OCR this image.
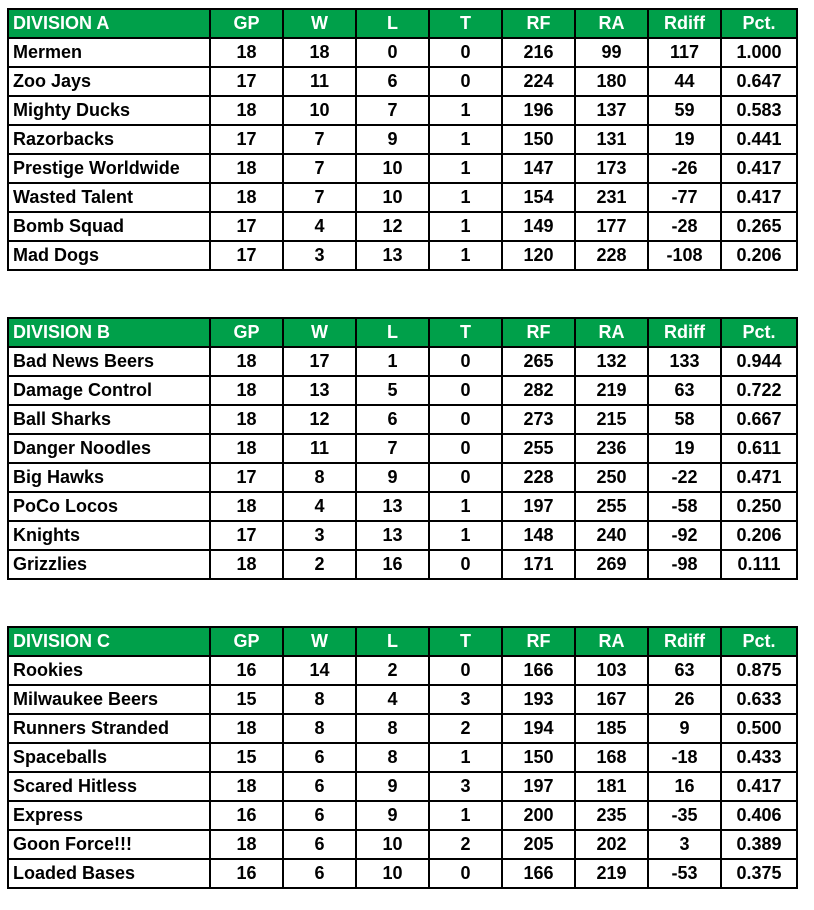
DIVISION A	GP	W	L	T	RF	RA	Rdiff	Pct.
Mermen	18	18	0	0	216	99	117	1.000
Zoo Jays	17	11	6	0	224	180	44	0.647
Mighty Ducks	18	10	7	1	196	137	59	0.583
Razorbacks	17	7	9	1	150	131	19	0.441
Prestige Worldwide	18	7	10	1	147	173	-26	0.417
Wasted Talent	18	7	10	1	154	231	-77	0.417
Bomb Squad	17	4	12	1	149	177	-28	0.265
Mad Dogs	17	3	13	1	120	228	-108	0.206
DIVISION B	GP	W	L	T	RF	RA	Rdiff	Pct.
Bad News Beers	18	17	1	0	265	132	133	0.944
Damage Control	18	13	5	0	282	219	63	0.722
Ball Sharks	18	12	6	0	273	215	58	0.667
Danger Noodles	18	11	7	0	255	236	19	0.611
Big Hawks	17	8	9	0	228	250	-22	0.471
PoCo Locos	18	4	13	1	197	255	-58	0.250
Knights	17	3	13	1	148	240	-92	0.206
Grizzlies	18	2	16	0	171	269	-98	0.111
DIVISION C	GP	W	L	T	RF	RA	Rdiff	Pct.
Rookies	16	14	2	0	166	103	63	0.875
Milwaukee Beers	15	8	4	3	193	167	26	0.633
Runners Stranded	18	8	8	2	194	185	9	0.500
Spaceballs	15	6	8	1	150	168	-18	0.433
Scared Hitless	18	6	9	3	197	181	16	0.417
Express	16	6	9	1	200	235	-35	0.406
Goon Force!!!	18	6	10	2	205	202	3	0.389
Loaded Bases	16	6	10	0	166	219	-53	0.375
